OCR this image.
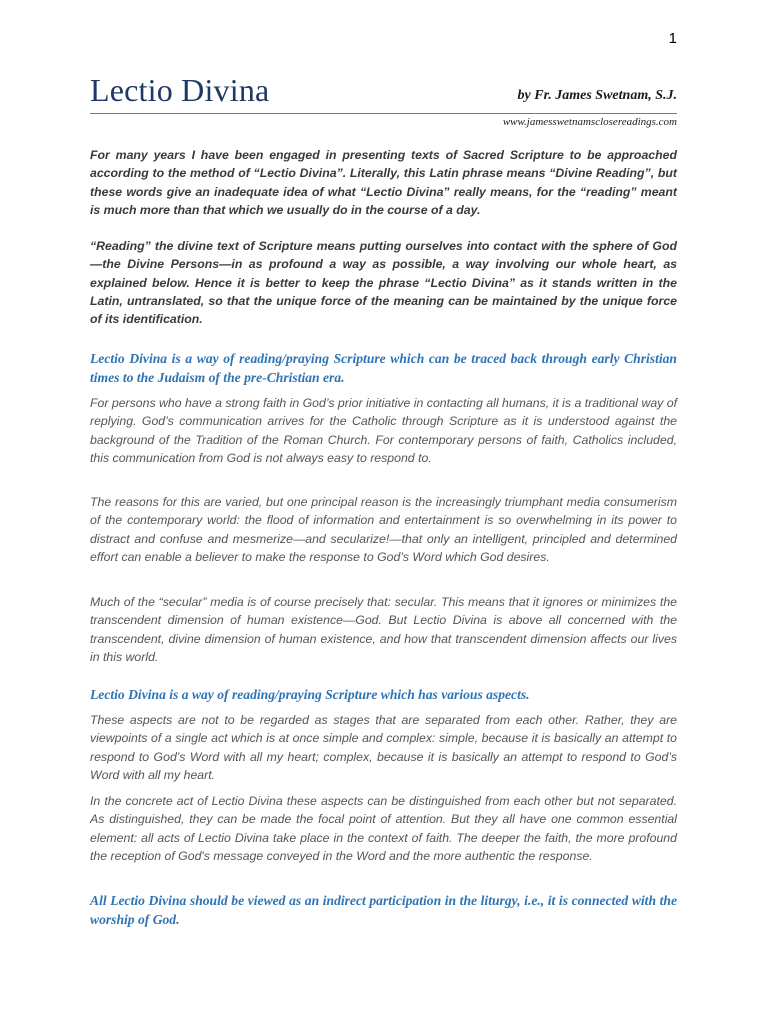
1
Lectio Divina	by Fr. James Swetnam, S.J.
www.jamesswetnamsclosereadings.com

For many years I have been engaged in presenting texts of Sacred Scripture to be approached according to the method of “Lectio Divina”. Literally, this Latin phrase means “Divine Reading”, but these words give an inadequate idea of what “Lectio Divina” really means, for the “reading” meant is much more than that which we usually do in the course of a day.

“Reading” the divine text of Scripture means putting ourselves into contact with the sphere of God—the Divine Persons—in as profound a way as possible, a way involving our whole heart, as explained below. Hence it is better to keep the phrase “Lectio Divina” as it stands written in the Latin, untranslated, so that the unique force of the meaning can be maintained by the unique force of its identification.

Lectio Divina is a way of reading/praying Scripture which can be traced back through early Christian times to the Judaism of the pre-Christian era.

For persons who have a strong faith in God’s prior initiative in contacting all humans, it is a traditional way of replying. God’s communication arrives for the Catholic through Scripture as it is understood against the background of the Tradition of the Roman Church. For contemporary persons of faith, Catholics included, this communication from God is not always easy to respond to.

The reasons for this are varied, but one principal reason is the increasingly triumphant media consumerism of the contemporary world: the flood of information and entertainment is so overwhelming in its power to distract and confuse and mesmerize—and secularize!—that only an intelligent, principled and determined effort can enable a believer to make the response to God’s Word which God desires.

Much of the “secular” media is of course precisely that: secular. This means that it ignores or minimizes the transcendent dimension of human existence—God. But Lectio Divina is above all concerned with the transcendent, divine dimension of human existence, and how that transcendent dimension affects our lives in this world.

Lectio Divina is a way of reading/praying Scripture which has various aspects.

These aspects are not to be regarded as stages that are separated from each other. Rather, they are viewpoints of a single act which is at once simple and complex: simple, because it is basically an attempt to respond to God’s Word with all my heart; complex, because it is basically an attempt to respond to God’s Word with all my heart.

In the concrete act of Lectio Divina these aspects can be distinguished from each other but not separated. As distinguished, they can be made the focal point of attention. But they all have one common essential element: all acts of Lectio Divina take place in the context of faith. The deeper the faith, the more profound the reception of God's message conveyed in the Word and the more authentic the response.

All Lectio Divina should be viewed as an indirect participation in the liturgy, i.e., it is connected with the worship of God.
